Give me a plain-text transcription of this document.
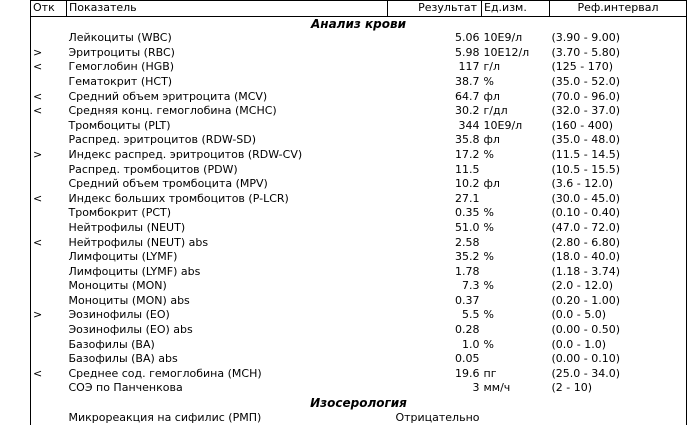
Отк	Показатель	Результат	Ед.изм.	Реф.интервал
Анализ крови				
	Лейкоциты (WBC)	5.06	10E9/л	(3.90 - 9.00)
>	Эритроциты (RBC)	5.98	10E12/л	(3.70 - 5.80)
<	Гемоглобин (HGB)	117	г/л	(125 - 170)
	Гематокрит (HCT)	38.7	%	(35.0 - 52.0)
<	Средний объем эритроцита (MCV)	64.7	фл	(70.0 - 96.0)
<	Средняя конц. гемоглобина (MCHC)	30.2	г/дл	(32.0 - 37.0)
	Тромбоциты (PLT)	344	10E9/л	(160 - 400)
	Распред. эритроцитов (RDW-SD)	35.8	фл	(35.0 - 48.0)
>	Индекс распред. эритроцитов (RDW-CV)	17.2	%	(11.5 - 14.5)
	Распред. тромбоцитов (PDW)	11.5		(10.5 - 15.5)
	Средний объем тромбоцита (MPV)	10.2	фл	(3.6 - 12.0)
<	Индекс больших тромбоцитов (P-LCR)	27.1		(30.0 - 45.0)
	Тромбокрит (PCT)	0.35	%	(0.10 - 0.40)
	Нейтрофилы (NEUT)	51.0	%	(47.0 - 72.0)
<	Нейтрофилы (NEUT) abs	2.58		(2.80 - 6.80)
	Лимфоциты (LYMF)	35.2	%	(18.0 - 40.0)
	Лимфоциты (LYMF) abs	1.78		(1.18 - 3.74)
	Моноциты (MON)	7.3	%	(2.0 - 12.0)
	Моноциты (MON) abs	0.37		(0.20 - 1.00)
>	Эозинофилы (EO)	5.5	%	(0.0 - 5.0)
	Эозинофилы (EO) abs	0.28		(0.00 - 0.50)
	Базофилы (BA)	1.0	%	(0.0 - 1.0)
	Базофилы (BA) abs	0.05		(0.00 - 0.10)
<	Среднее сод. гемоглобина (MCH)	19.6	пг	(25.0 - 34.0)
	СОЭ по Панченкова	3	мм/ч	(2 - 10)
Изосерология				
	Микрореакция на сифилис (РМП)	Отрицательно		
